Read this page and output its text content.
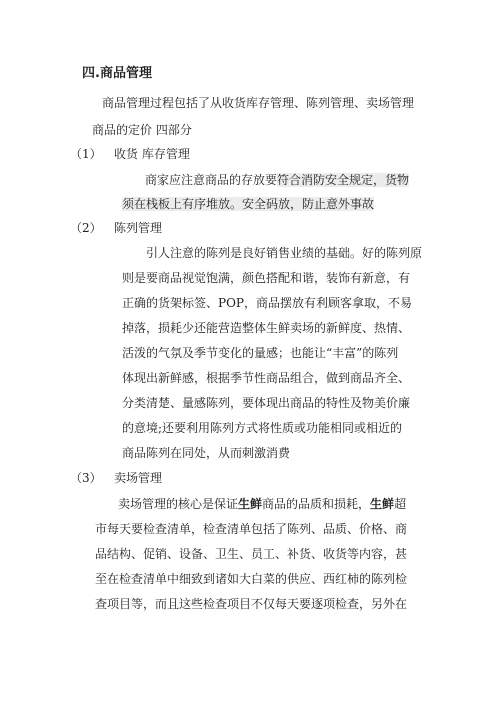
四.商品管理
商品管理过程包括了从收货库存管理、陈列管理、卖场管理
商品的定价 四部分
（1） 收货 库存管理
商家应注意商品的存放要符合消防安全规定，货物
须在栈板上有序堆放。安全码放，防止意外事故
（2） 陈列管理
引人注意的陈列是良好销售业绩的基础。好的陈列原
则是要商品视觉饱满，颜色搭配和谐，装饰有新意，有
正确的货架标签、POP，商品摆放有利顾客拿取，不易
掉落，损耗少还能营造整体生鲜卖场的新鲜度、热情、
活泼的气氛及季节变化的量感；也能让“丰富”的陈列
体现出新鲜感，根据季节性商品组合，做到商品齐全、
分类清楚、量感陈列，要体现出商品的特性及物美价廉
的意境;还要利用陈列方式将性质或功能相同或相近的
商品陈列在同处，从而刺激消费
（3） 卖场管理
卖场管理的核心是保证生鲜商品的品质和损耗，生鲜超
市每天要检查清单，检查清单包括了陈列、品质、价格、商
品结构、促销、设备、卫生、员工、补货、收货等内容，甚
至在检查清单中细致到诸如大白菜的供应、西红柿的陈列检
查项目等，而且这些检查项目不仅每天要逐项检查，另外在
